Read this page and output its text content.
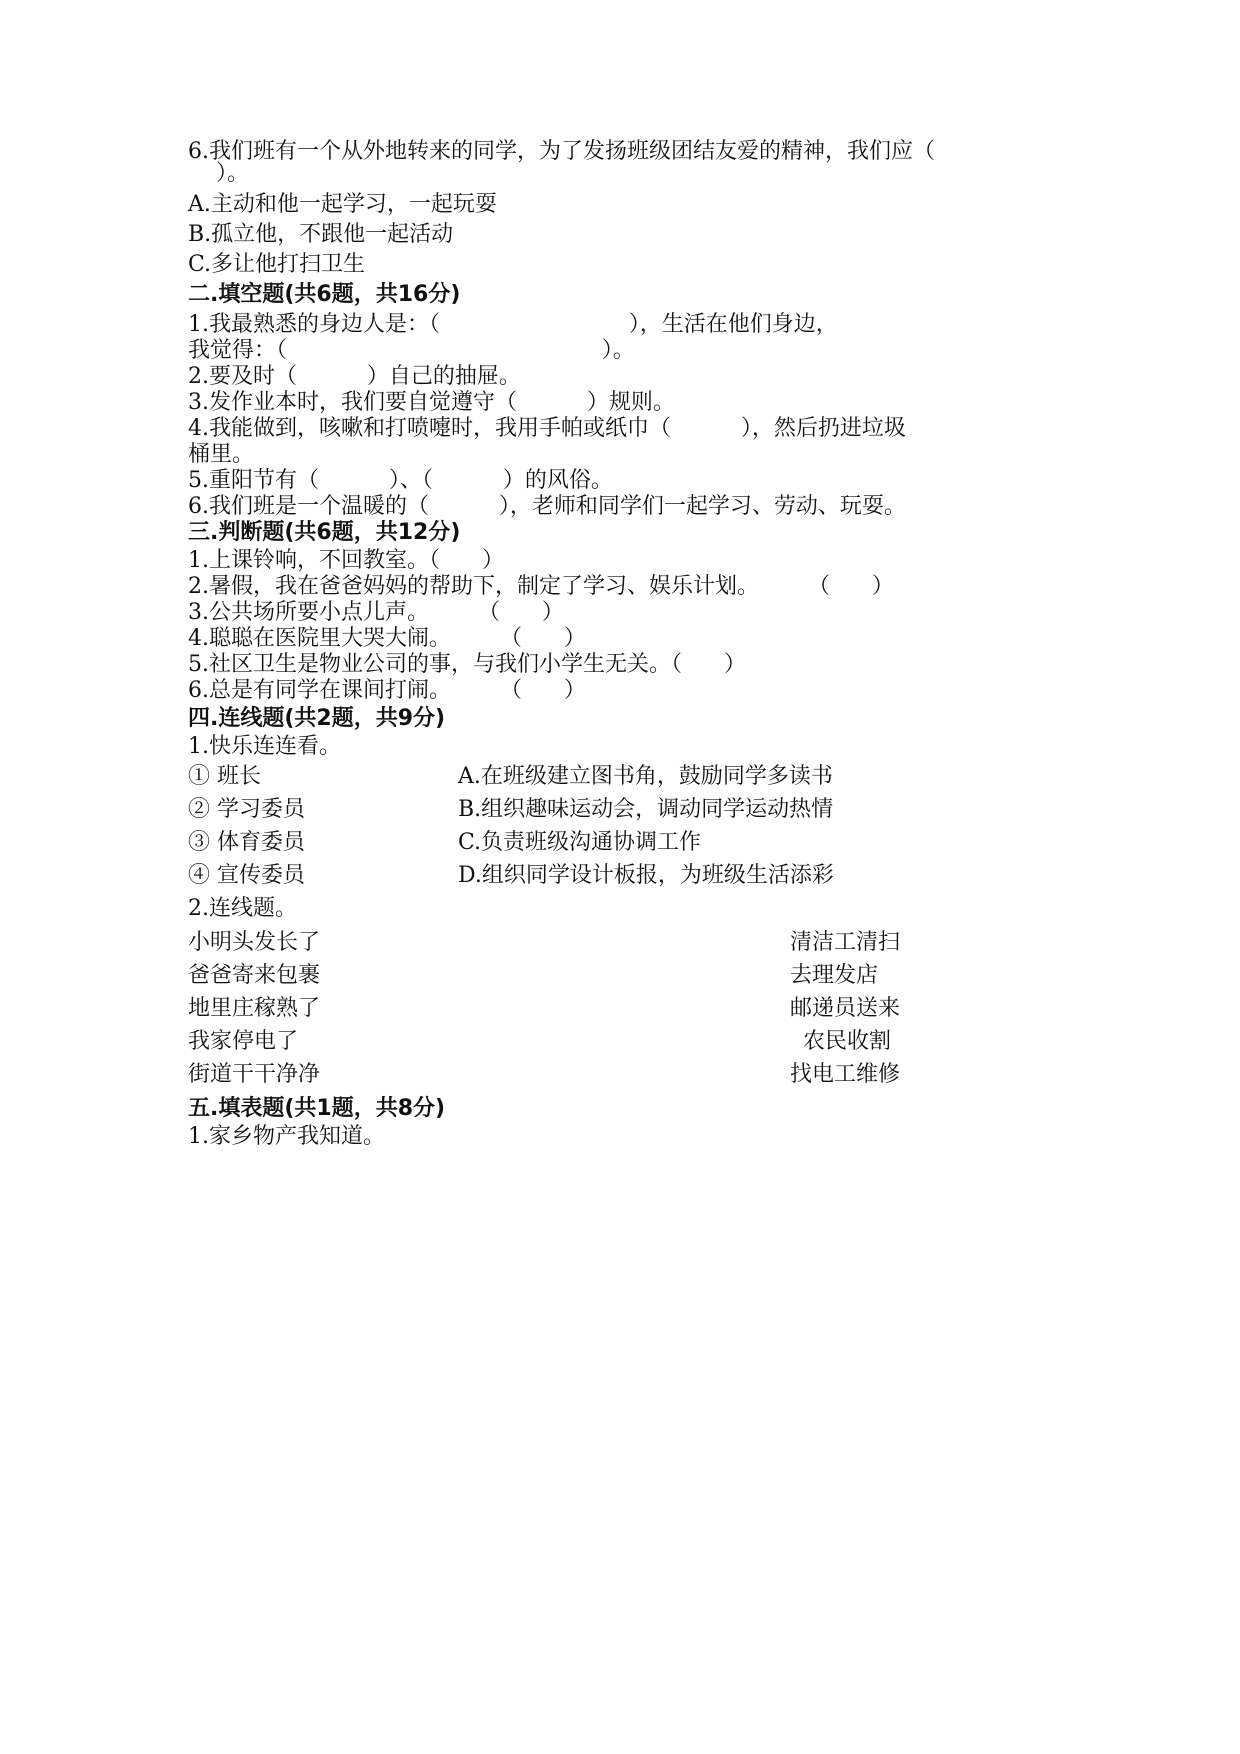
6.我们班有一个从外地转来的同学，为了发扬班级团结友爱的精神，我们应（
）。
A.主动和他一起学习，一起玩耍
B.孤立他，不跟他一起活动
C.多让他打扫卫生
二.填空题(共6题，共16分)
1.我最熟悉的身边人是：（                           ），生活在他们身边，
我觉得：（                                             ）。
2.要及时（          ）自己的抽屉。
3.发作业本时，我们要自觉遵守（          ）规则。
4.我能做到，咳嗽和打喷嚏时，我用手帕或纸巾（          ），然后扔进垃圾
桶里。
5.重阳节有（          ）、（          ）的风俗。
6.我们班是一个温暖的（          ），老师和同学们一起学习、劳动、玩耍。
三.判断题(共6题，共12分)
1.上课铃响，不回教室。（      ）
2.暑假，我在爸爸妈妈的帮助下，制定了学习、娱乐计划。       （      ）
3.公共场所要小点儿声。       （      ）
4.聪聪在医院里大哭大闹。       （      ）
5.社区卫生是物业公司的事，与我们小学生无关。（      ）
6.总是有同学在课间打闹。       （      ）
四.连线题(共2题，共9分)
1.快乐连连看。
① 班长	A.在班级建立图书角，鼓励同学多读书
② 学习委员	B.组织趣味运动会，调动同学运动热情
③ 体育委员	C.负责班级沟通协调工作
④ 宣传委员	D.组织同学设计板报，为班级生活添彩
2.连线题。
小明头发长了	清洁工清扫
爸爸寄来包裹	去理发店
地里庄稼熟了	邮递员送来
我家停电了	农民收割
街道干干净净	找电工维修
五.填表题(共1题，共8分)
1.家乡物产我知道。
